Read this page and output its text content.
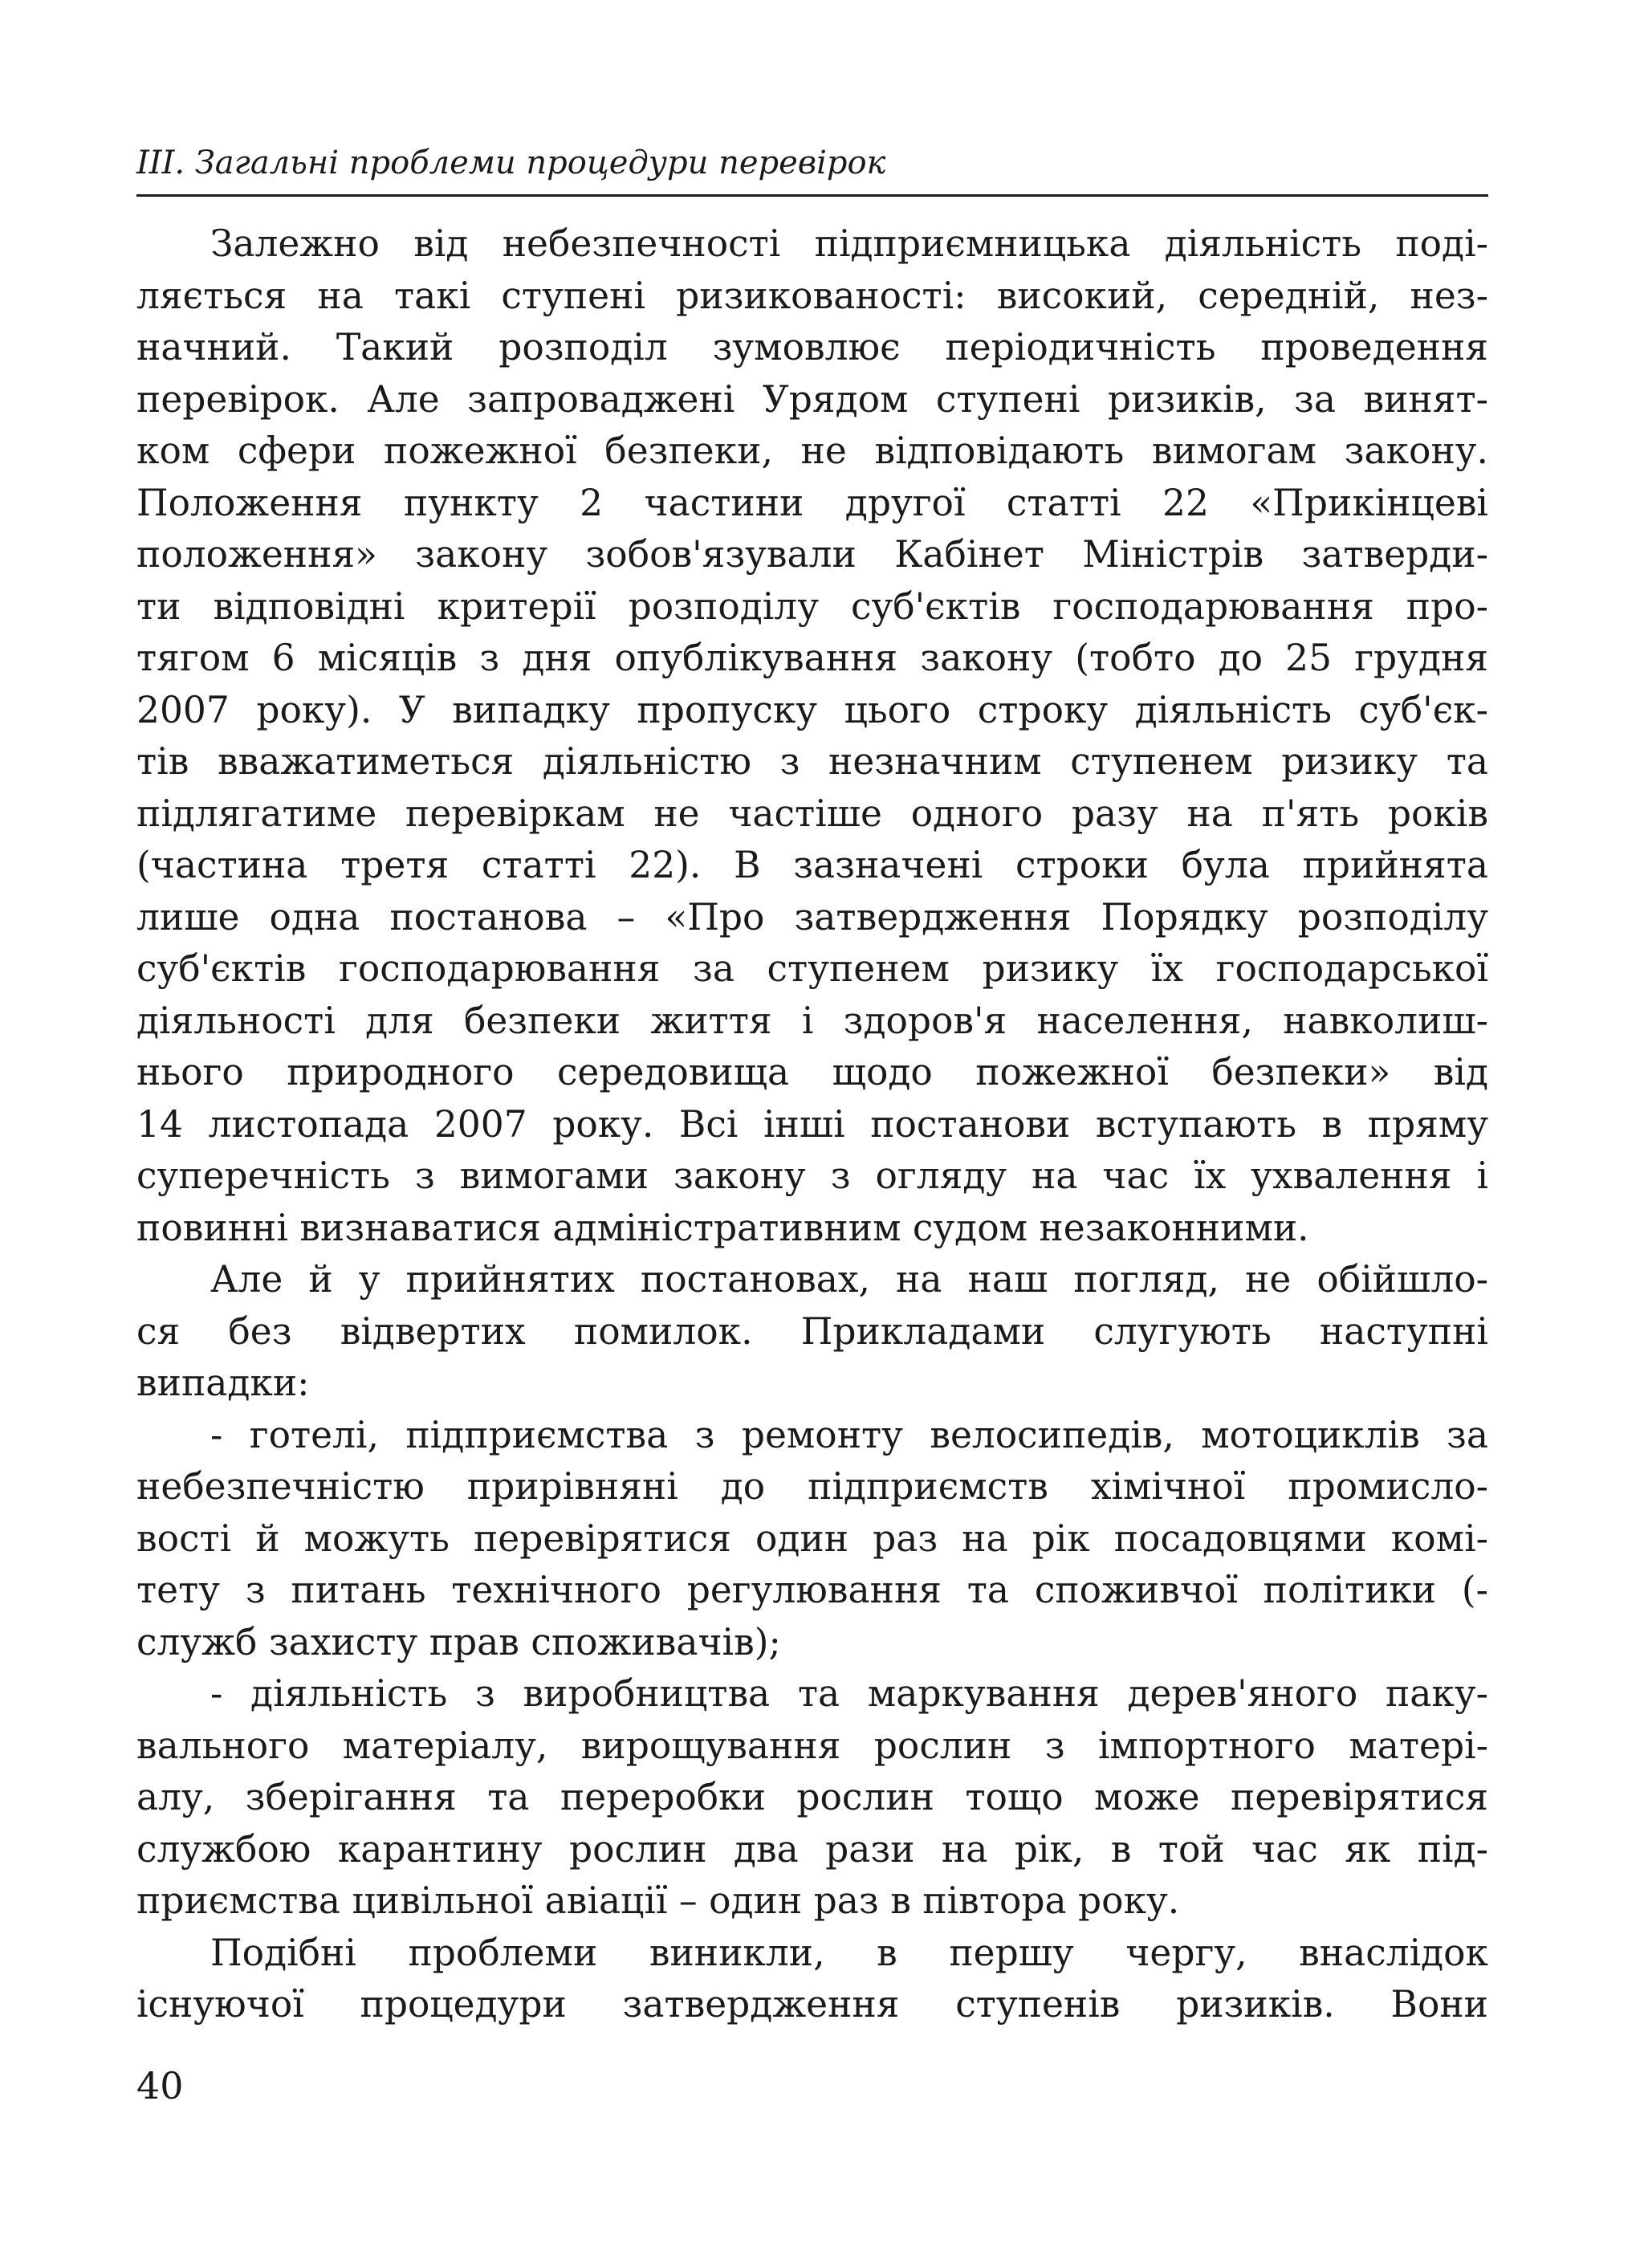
ІІІ. Загальні проблеми процедури перевірок
Залежно від небезпечності підприємницька діяльність поді-
ляється на такі ступені ризикованості: високий, середній, нез-
начний. Такий розподіл зумовлює періодичність проведення
перевірок. Але запроваджені Урядом ступені ризиків, за винят-
ком сфери пожежної безпеки, не відповідають вимогам закону.
Положення пункту 2 частини другої статті 22 «Прикінцеві
положення» закону зобов'язували Кабінет Міністрів затверди-
ти відповідні критерії розподілу суб'єктів господарювання про-
тягом 6 місяців з дня опублікування закону (тобто до 25 грудня
2007 року). У випадку пропуску цього строку діяльність суб'єк-
тів вважатиметься діяльністю з незначним ступенем ризику та
підлягатиме перевіркам не частіше одного разу на п'ять років
(частина третя статті 22). В зазначені строки була прийнята
лише одна постанова – «Про затвердження Порядку розподілу
суб'єктів господарювання за ступенем ризику їх господарської
діяльності для безпеки життя і здоров'я населення, навколиш-
нього природного середовища щодо пожежної безпеки» від
14 листопада 2007 року. Всі інші постанови вступають в пряму
суперечність з вимогами закону з огляду на час їх ухвалення і
повинні визнаватися адміністративним судом незаконними.
Але й у прийнятих постановах, на наш погляд, не обійшло-
ся без відвертих помилок. Прикладами слугують наступні
випадки:
- готелі, підприємства з ремонту велосипедів, мотоциклів за
небезпечністю прирівняні до підприємств хімічної промисло-
вості й можуть перевірятися один раз на рік посадовцями комі-
тету з питань технічного регулювання та споживчої політики (-
служб захисту прав споживачів);
- діяльність з виробництва та маркування дерев'яного паку-
вального матеріалу, вирощування рослин з імпортного матері-
алу, зберігання та переробки рослин тощо може перевірятися
службою карантину рослин два рази на рік, в той час як під-
приємства цивільної авіації – один раз в півтора року.
Подібні проблеми виникли, в першу чергу, внаслідок
існуючої процедури затвердження ступенів ризиків. Вони
40
